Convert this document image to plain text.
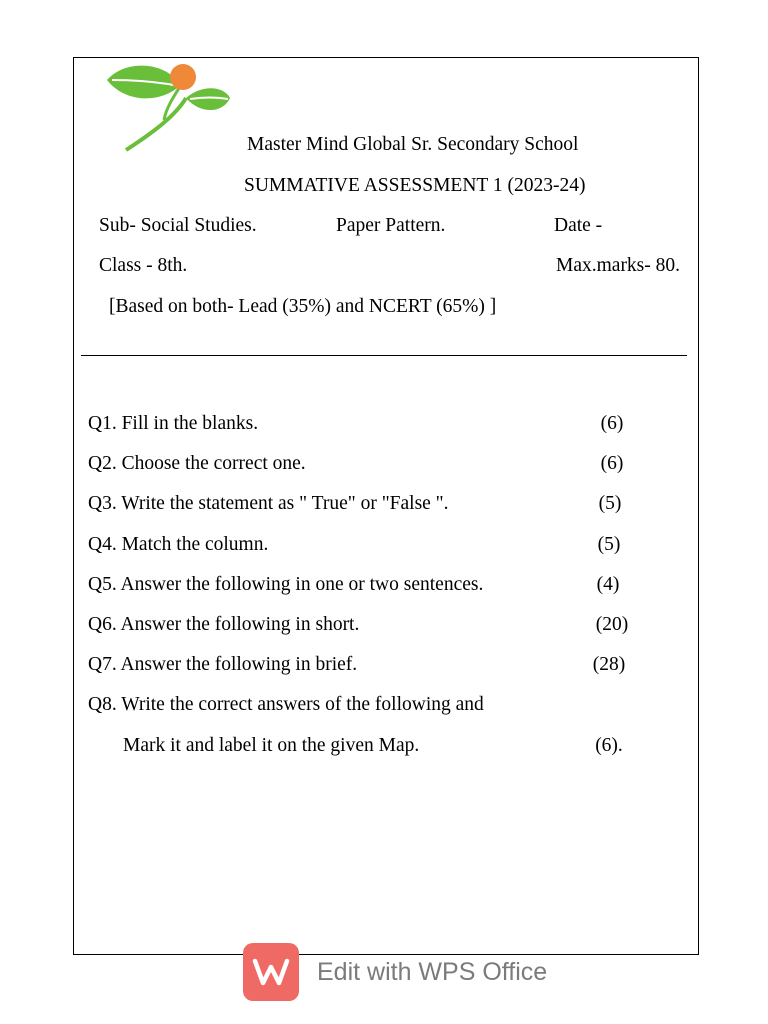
Master Mind Global Sr. Secondary School
SUMMATIVE ASSESSMENT 1 (2023-24)
Sub- Social Studies.	Paper Pattern.	Date -
Class - 8th.	Max.marks- 80.
[Based on both- Lead (35%) and NCERT (65%) ]
Q1. Fill in the blanks.	(6)
Q2. Choose the correct one.	(6)
Q3. Write the statement as " True" or "False ".	(5)
Q4. Match the column.	(5)
Q5. Answer the following in one or two sentences.	(4)
Q6. Answer the following in short.	(20)
Q7. Answer the following in brief.	(28)
Q8. Write the correct answers of the following and
Mark it and label it on the given Map.	(6).
Edit with WPS Office
